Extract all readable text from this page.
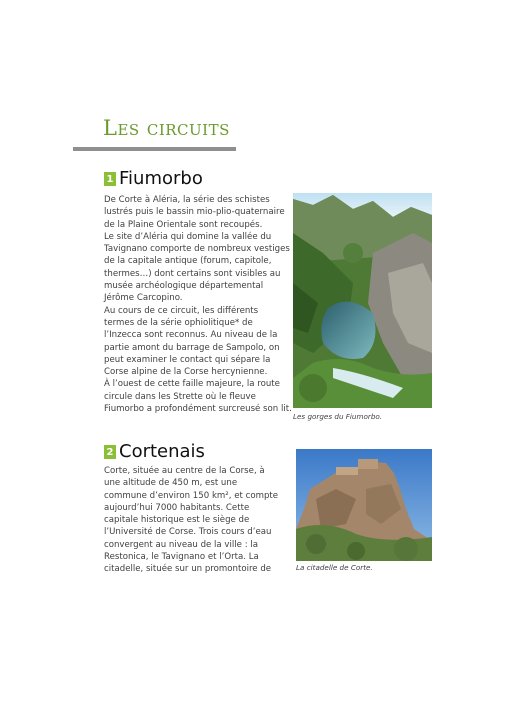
Les circuits
1 Fiumorbo

De Corte à Aléria, la série des schistes
lustrés puis le bassin mio-plio-quaternaire
de la Plaine Orientale sont recoupés.
Le site d’Aléria qui domine la vallée du
Tavignano comporte de nombreux vestiges
de la capitale antique (forum, capitole,
thermes…) dont certains sont visibles au
musée archéologique départemental
Jérôme Carcopino.
Au cours de ce circuit, les différents
termes de la série ophiolitique* de
l’Inzecca sont reconnus. Au niveau de la
partie amont du barrage de Sampolo, on
peut examiner le contact qui sépare la
Corse alpine de la Corse hercynienne.
À l’ouest de cette faille majeure, la route
circule dans les Strette où le fleuve
Fiumorbo a profondément surcreusé son lit.

Les gorges du Fiumorbo.
2 Cortenais

Corte, située au centre de la Corse, à
une altitude de 450 m, est une
commune d’environ 150 km², et compte
aujourd’hui 7000 habitants. Cette
capitale historique est le siège de
l’Université de Corse. Trois cours d’eau
convergent au niveau de la ville : la
Restonica, le Tavignano et l’Orta. La
citadelle, située sur un promontoire de	La citadelle de Corte.
